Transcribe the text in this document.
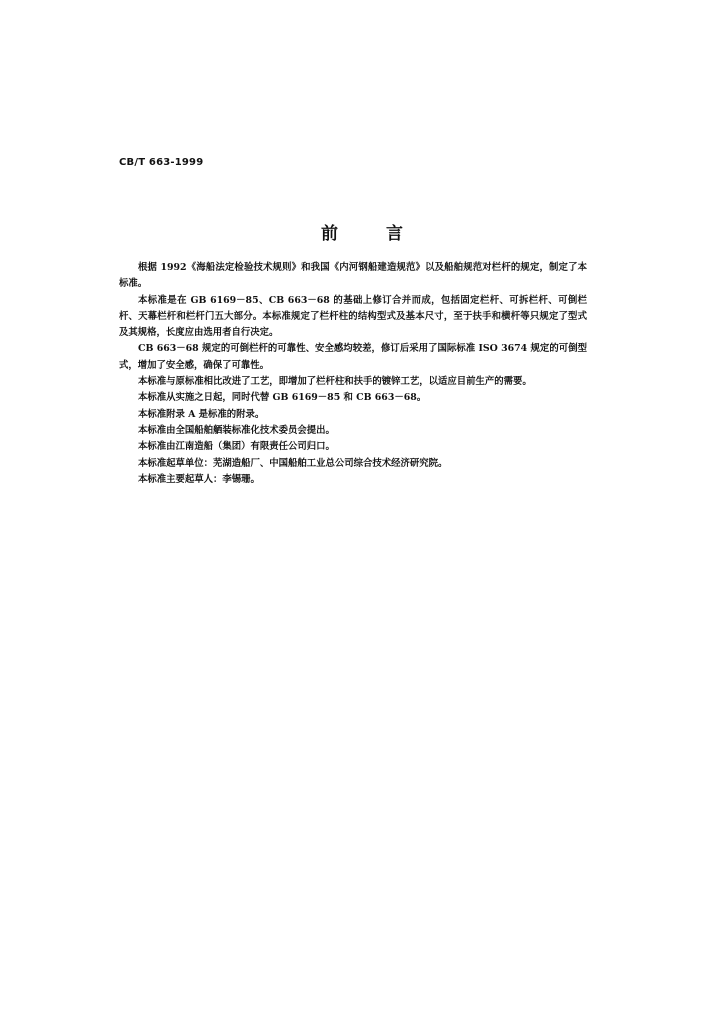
CB/T 663-1999
前	言

根据 1992《海船法定检验技术规则》和我国《内河钢船建造规范》以及船舶规范对栏杆的规定，制定了本标准。

本标准是在 GB 6169－85、CB 663－68 的基础上修订合并而成，包括固定栏杆、可拆栏杆、可倒栏杆、天幕栏杆和栏杆门五大部分。本标准规定了栏杆柱的结构型式及基本尺寸，至于扶手和横杆等只规定了型式及其规格，长度应由选用者自行决定。

CB 663－68 规定的可倒栏杆的可靠性、安全感均较差，修订后采用了国际标准 ISO 3674 规定的可倒型式，增加了安全感，确保了可靠性。

本标准与原标准相比改进了工艺，即增加了栏杆柱和扶手的镀锌工艺，以适应目前生产的需要。

本标准从实施之日起，同时代替 GB 6169－85 和 CB 663－68。

本标准附录 A 是标准的附录。

本标准由全国船舶舾装标准化技术委员会提出。

本标准由江南造船（集团）有限责任公司归口。

本标准起草单位：芜湖造船厂、中国船舶工业总公司综合技术经济研究院。

本标准主要起草人：李锡珊。
